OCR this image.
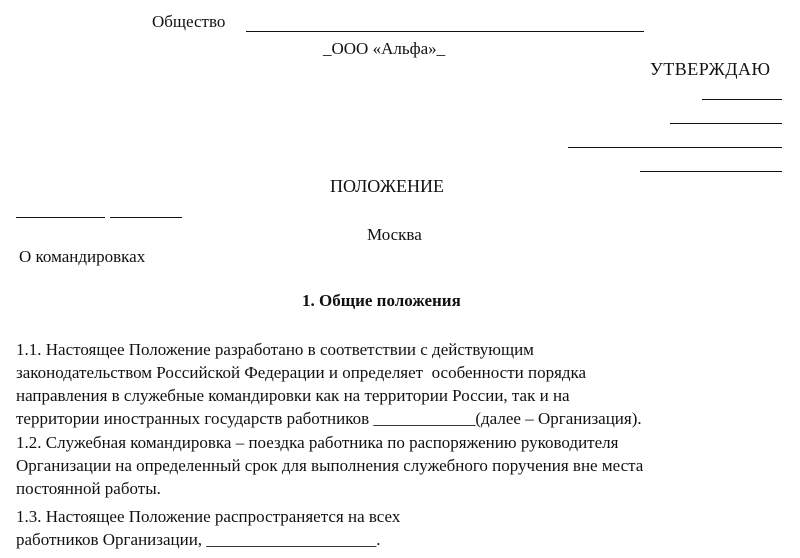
Общество
_ООО «Альфа»_
УТВЕРЖДАЮ
ПОЛОЖЕНИЕ
Москва
О командировках
1. Общие положения
1.1. Настоящее Положение разработано в соответствии с действующим
законодательством Российской Федерации и определяет  особенности порядка
направления в служебные командировки как на территории России, так и на
территории иностранных государств работников ____________(далее – Организация).
1.2. Служебная командировка – поездка работника по распоряжению руководителя
Организации на определенный срок для выполнения служебного поручения вне места
постоянной работы.
1.3. Настоящее Положение распространяется на всех
работников Организации, ____________________.
